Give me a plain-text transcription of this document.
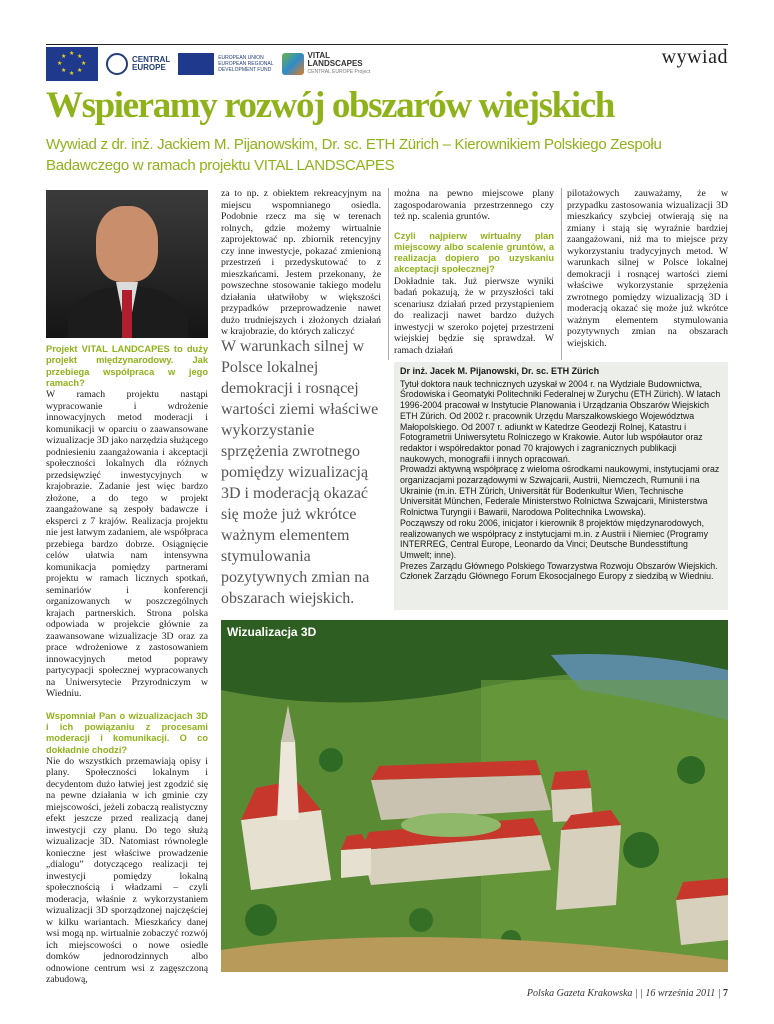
★ ★
★
★
★
★
★
★	CENTRAL
EUROPE
EUROPEAN UNION
EUROPEAN REGIONAL
DEVELOPMENT FUND
VITAL
LANDSCAPES
CENTRAL EUROPE Project
wywiad
Wspieramy rozwój obszarów wiejskich
Wywiad z dr. inż. Jackiem M. Pijanowskim, Dr. sc. ETH Zürich – Kierownikiem Polskiego Zespołu Badawczego w ramach projektu VITAL LANDSCAPES
Projekt VITAL LANDCAPES to duży projekt międzynarodowy. Jak przebiega współpraca w jego ramach?

W ramach projektu nastąpi wypracowanie i wdrożenie innowacyjnych metod moderacji i komunikacji w oparciu o zaawansowane wizualizacje 3D jako narzędzia służącego podniesieniu zaangażowania i akceptacji społeczności lokalnych dla różnych przedsięwzięć inwestycyjnych w krajobrazie. Zadanie jest więc bardzo złożone, a do tego w projekt zaangażowane są zespoły badawcze i eksperci z 7 krajów. Realizacja projektu nie jest łatwym zadaniem, ale współpraca przebiega bardzo dobrze. Osiągnięcie celów ułatwia nam intensywna komunikacja pomiędzy partnerami projektu w ramach licznych spotkań, seminariów i konferencji organizowanych w poszczególnych krajach partnerskich. Strona polska odpowiada w projekcie głównie za zaawansowane wizualizacje 3D oraz za prace wdrożeniowe z zastosowaniem innowacyjnych metod poprawy partycypacji społecznej wypracowanych na Uniwersytecie Przyrodniczym w Wiedniu.

Wspomniał Pan o wizualizacjach 3D i ich powiązaniu z procesami moderacji i komunikacji. O co dokładnie chodzi?

Nie do wszystkich przemawiają opisy i plany. Społeczności lokalnym i decydentom dużo łatwiej jest zgodzić się na pewne działania w ich gminie czy miejscowości, jeżeli zobaczą realistyczny efekt jeszcze przed realizacją danej inwestycji czy planu. Do tego służą wizualizacje 3D. Natomiast równolegle konieczne jest właściwe prowadzenie „dialogu” dotyczącego realizacji tej inwestycji pomiędzy lokalną społecznością i władzami – czyli moderacja, właśnie z wykorzystaniem wizualizacji 3D sporządzonej najczęściej w kilku wariantach. Mieszkańcy danej wsi mogą np. wirtualnie zobaczyć rozwój ich miejscowości o nowe osiedle domków jednorodzinnych albo odnowione centrum wsi z zagęszczoną zabudową,

za to np. z obiektem rekreacyjnym na miejscu wspomnianego osiedla. Podobnie rzecz ma się w terenach rolnych, gdzie możemy wirtualnie zaprojektować np. zbiornik retencyjny czy inne inwestycje, pokazać zmienioną przestrzeń i przedyskutować to z mieszkańcami. Jestem przekonany, że powszechne stosowanie takiego modelu działania ułatwiłoby w większości przypadków przeprowadzenie nawet dużo trudniejszych i złożonych działań w krajobrazie, do których zaliczyć

W warunkach silnej w Polsce lokalnej demokracji i rosnącej wartości ziemi właściwe wykorzystanie sprzężenia zwrotnego pomiędzy wizualizacją 3D i moderacją okazać się może już wkrótce ważnym elementem stymulowania pozytywnych zmian na obszarach wiejskich.

można na pewno miejscowe plany zagospodarowania przestrzennego czy też np. scalenia gruntów.

Czyli najpierw wirtualny plan miejscowy albo scalenie gruntów, a realizacja dopiero po uzyskaniu akceptacji społecznej?

Dokładnie tak. Już pierwsze wyniki badań pokazują, że w przyszłości taki scenariusz działań przed przystąpieniem do realizacji nawet bardzo dużych inwestycji w szeroko pojętej przestrzeni wiejskiej będzie się sprawdzał. W ramach działań

pilotażowych zauważamy, że w przypadku zastosowania wizualizacji 3D mieszkańcy szybciej otwierają się na zmiany i stają się wyraźnie bardziej zaangażowani, niż ma to miejsce przy wykorzystaniu tradycyjnych metod. W warunkach silnej w Polsce lokalnej demokracji i rosnącej wartości ziemi właściwe wykorzystanie sprzężenia zwrotnego pomiędzy wizualizacją 3D i moderacją okazać się może już wkrótce ważnym elementem stymulowania pozytywnych zmian na obszarach wiejskich.

Dr inż. Jacek M. Pijanowski, Dr. sc. ETH Zürich
Tytuł doktora nauk technicznych uzyskał w 2004 r. na Wydziale Budownictwa, Środowiska i Geomatyki Politechniki Federalnej w Zurychu (ETH Zürich). W latach 1996-2004 pracował w Instytucie Planowania i Urządzania Obszarów Wiejskich ETH Zürich. Od 2002 r. pracownik Urzędu Marszałkowskiego Województwa Małopolskiego. Od 2007 r. adiunkt w Katedrze Geodezji Rolnej, Katastru i Fotogrametrii Uniwersytetu Rolniczego w Krakowie. Autor lub współautor oraz redaktor i współredaktor ponad 70 krajowych i zagranicznych publikacji naukowych, monografii i innych opracowań.
Prowadzi aktywną współpracę z wieloma ośrodkami naukowymi, instytucjami oraz organizacjami pozarządowymi w Szwajcarii, Austrii, Niemczech, Rumunii i na Ukrainie (m.in. ETH Zürich, Universität für Bodenkultur Wien, Technische Universität München, Federale Ministerstwo Rolnictwa Szwajcarii, Ministerstwa Rolnictwa Turyngii i Bawarii, Narodowa Politechnika Lwowska).
Począwszy od roku 2006, inicjator i kierownik 8 projektów międzynarodowych, realizowanych we współpracy z instytucjami m.in. z Austrii i Niemiec (Programy INTERREG, Central Europe, Leonardo da Vinci; Deutsche Bundesstiftung Umwelt; inne).
Prezes Zarządu Głównego Polskiego Towarzystwa Rozwoju Obszarów Wiejskich. Członek Zarządu Głównego Forum Ekosocjalnego Europy z siedzibą w Wiedniu.
Wizualizacja 3D
Polska Gazeta Krakowska | | 16 września 2011 | 7
